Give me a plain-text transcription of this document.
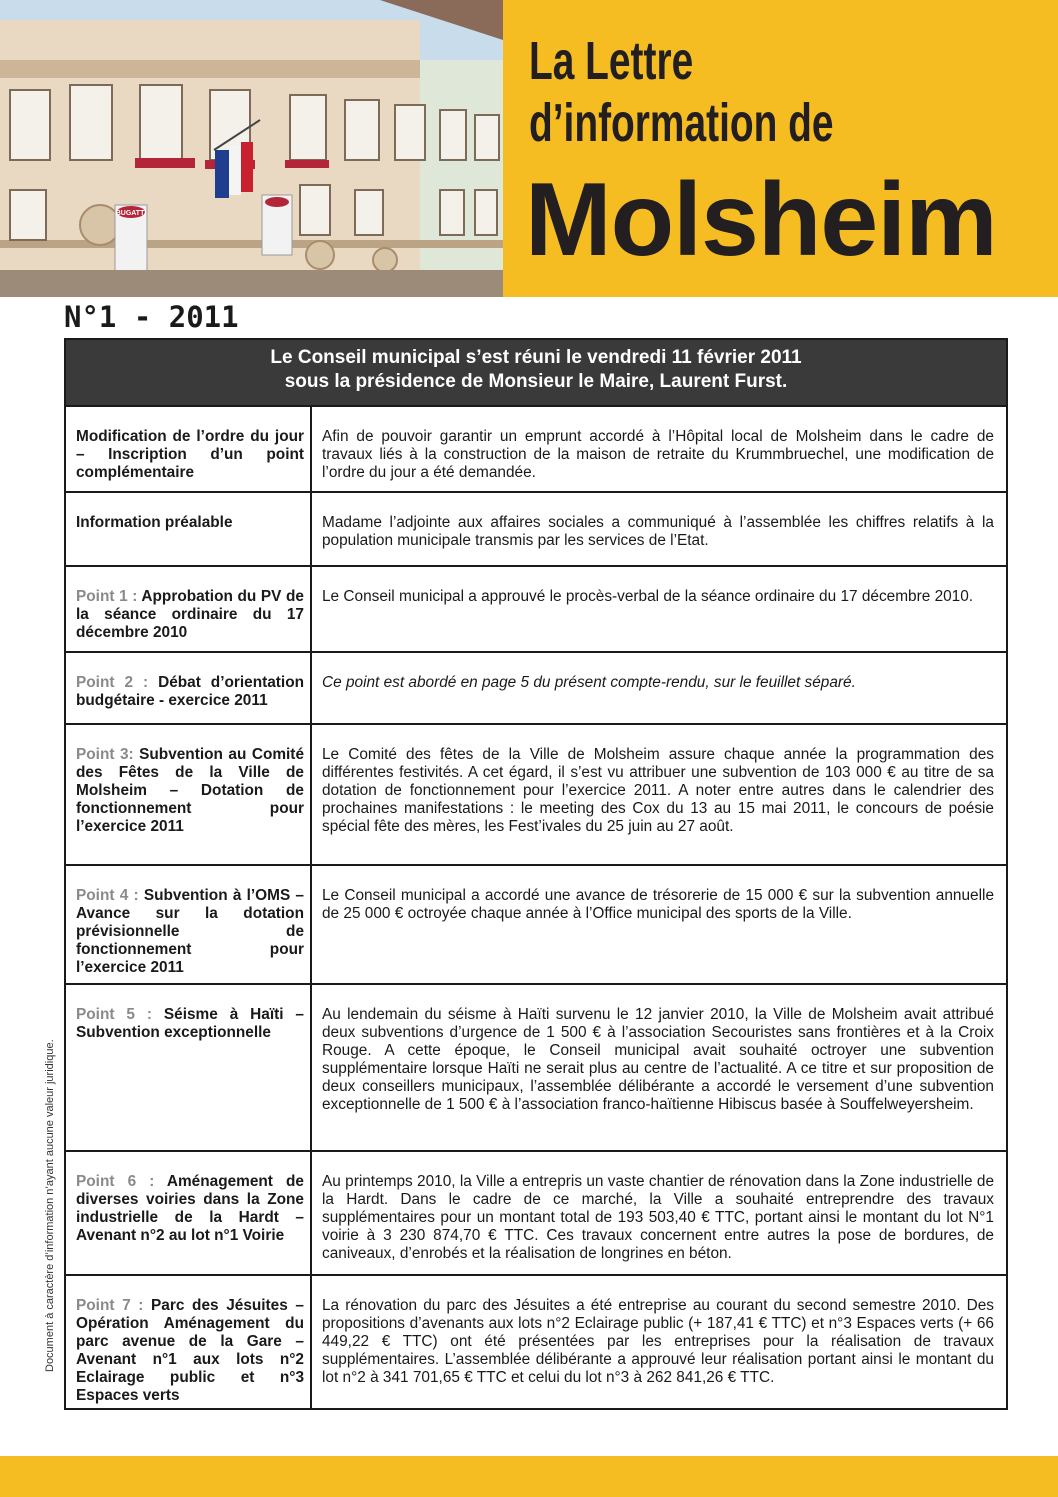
BUGATTI
La Lettre
d’information de
Molsheim
N°1 - 2011
Document à caractère d’information n’ayant aucune valeur juridique.
Le Conseil municipal s’est réuni le vendredi 11 février 2011
sous la présidence de Monsieur le Maire, Laurent Furst.
Modification de l’ordre du jour – Inscription d’un point complémentaire
Afin de pouvoir garantir un emprunt accordé à l’Hôpital local de Molsheim dans le cadre de travaux liés à la construction de la maison de retraite du Krummbruechel, une modification de l’ordre du jour a été demandée.
Information préalable	Madame l’adjointe aux affaires sociales a communiqué à l’assemblée les chiffres relatifs à la population municipale transmis par les services de l’Etat.
Point 1 : Approbation du PV de la séance ordinaire du 17 décembre 2010
Le Conseil municipal a approuvé le procès-verbal de la séance ordinaire du 17 décembre 2010.
Point 2 : Débat d’orientation budgétaire - exercice 2011
Ce point est abordé en page 5 du présent compte-rendu, sur le feuillet séparé.
Point 3: Subvention au Comité des Fêtes de la Ville de Molsheim – Dotation de fonctionnement pour l’exercice 2011
Le Comité des fêtes de la Ville de Molsheim assure chaque année la programmation des différentes festivités. A cet égard, il s’est vu attribuer une subvention de 103 000 € au titre de sa dotation de fonctionnement pour l’exercice 2011. A noter entre autres dans le calendrier des prochaines manifestations : le meeting des Cox du 13 au 15 mai 2011, le concours de poésie spécial fête des mères, les Fest’ivales du 25 juin au 27 août.
Point 4 : Subvention à l’OMS – Avance sur la dotation prévisionnelle de fonctionnement pour l’exercice 2011
Le Conseil municipal a accordé une avance de trésorerie de 15 000 € sur la subvention annuelle de 25 000 € octroyée chaque année à l’Office municipal des sports de la Ville.
Point 5 : Séisme à Haïti – Subvention exceptionnelle
Au lendemain du séisme à Haïti survenu le 12 janvier 2010, la Ville de Molsheim avait attribué deux subventions d’urgence de 1 500 € à l’association Secouristes sans frontières et à la Croix Rouge. A cette époque, le Conseil municipal avait souhaité octroyer une subvention supplémentaire lorsque Haïti ne serait plus au centre de l’actualité. A ce titre et sur proposition de deux conseillers municipaux, l’assemblée délibérante a accordé le versement d’une subvention exceptionnelle de 1 500 € à l’association franco-haïtienne Hibiscus basée à Souffelweyersheim.
Point 6 : Aménagement de diverses voiries dans la Zone industrielle de la Hardt – Avenant n°2 au lot n°1 Voirie
Au printemps 2010, la Ville a entrepris un vaste chantier de rénovation dans la Zone industrielle de la Hardt. Dans le cadre de ce marché, la Ville a souhaité entreprendre des travaux supplémentaires pour un montant total de 193 503,40 € TTC, portant ainsi le montant du lot N°1 voirie à 3 230 874,70 € TTC. Ces travaux concernent entre autres la pose de bordures, de caniveaux, d’enrobés et la réalisation de longrines en béton.
Point 7 : Parc des Jésuites – Opération Aménagement du parc avenue de la Gare – Avenant n°1 aux lots n°2 Eclairage public et n°3 Espaces verts
La rénovation du parc des Jésuites a été entreprise au courant du second semestre 2010. Des propositions d’avenants aux lots n°2 Eclairage public (+ 187,41 € TTC) et n°3 Espaces verts (+ 66 449,22 € TTC) ont été présentées par les entreprises pour la réalisation de travaux supplémentaires. L’assemblée délibérante a approuvé leur réalisation portant ainsi le montant du lot n°2 à 341 701,65 € TTC et celui du lot n°3 à 262 841,26 € TTC.
